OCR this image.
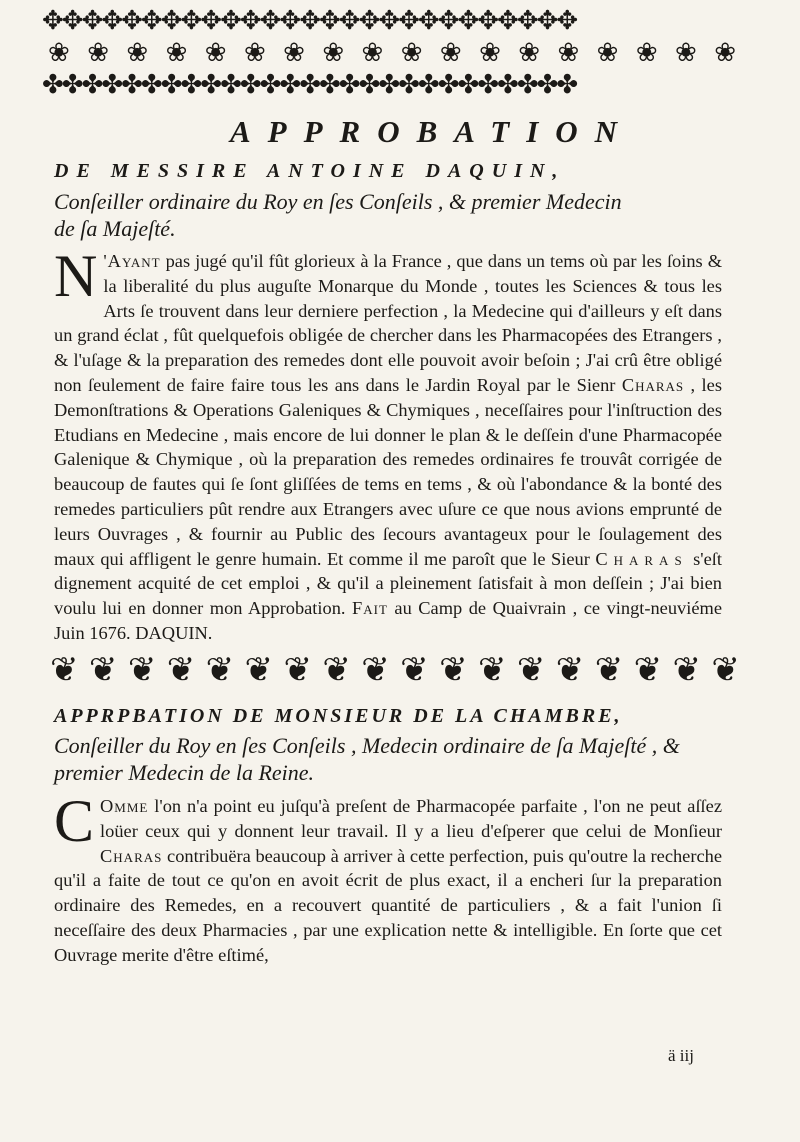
✥✥✥✥✥✥✥✥✥✥✥✥✥✥✥✥✥✥✥✥✥✥✥✥✥✥✥
❀ ❀ ❀ ❀ ❀ ❀ ❀ ❀ ❀ ❀ ❀ ❀ ❀ ❀ ❀ ❀ ❀ ❀
✤✤✤✤✤✤✤✤✤✤✤✤✤✤✤✤✤✤✤✤✤✤✤✤✤✤✤
APPROBATION
DE MESSIRE ANTOINE DAQUIN,
Conſeiller ordinaire du Roy en ſes Conſeils , & premier Medecin
de ſa Majeſté.
N 'Ayant pas jugé qu'il fût glorieux à la France , que dans un tems où par les ſoins & la liberalité du plus auguſte Monarque du Monde , toutes les Sciences & tous les Arts ſe trouvent dans leur derniere perfection , la Medecine qui d'ailleurs y eſt dans un grand éclat , fût quelquefois obligée de chercher dans les Pharmacopées des Etrangers , & l'uſage & la preparation des remedes dont elle pouvoit avoir beſoin ; J'ai crû être obligé non ſeulement de faire faire tous les ans dans le Jardin Royal par le Sienr Charas , les Demonſtrations & Operations Galeniques & Chymiques , neceſſaires pour l'inſtruction des Etudians en Medecine , mais encore de lui donner le plan & le deſſein d'une Pharmacopée Galenique & Chymique , où la preparation des remedes ordinaires fe trouvât corrigée de beaucoup de fautes qui ſe ſont gliſſées de tems en tems , & où l'abondance & la bonté des remedes particuliers pût rendre aux Etrangers avec uſure ce que nous avions emprunté de leurs Ouvrages , & fournir au Public des ſecours avantageux pour le ſoulagement des maux qui affligent le genre humain. Et comme il me paroît que le Sieur Charas s'eſt dignement acquité de cet emploi , & qu'il a pleinement ſatisfait à mon deſſein ; J'ai bien voulu lui en donner mon Approbation. Fait au Camp de Quaivrain , ce vingt-neuviéme Juin 1676. DAQUIN.
❦ ❦ ❦ ❦ ❦ ❦ ❦ ❦ ❦ ❦ ❦ ❦ ❦ ❦ ❦ ❦ ❦ ❦
APPRPBATION DE MONSIEUR DE LA CHAMBRE,
Conſeiller du Roy en ſes Conſeils , Medecin ordinaire de ſa Majeſté , &
premier Medecin de la Reine.
C Omme l'on n'a point eu juſqu'à preſent de Pharmacopée parfaite , l'on ne peut aſſez loüer ceux qui y donnent leur travail. Il y a lieu d'eſperer que celui de Monſieur Charas contribuëra beaucoup à arriver à cette perfection, puis qu'outre la recherche qu'il a faite de tout ce qu'on en avoit écrit de plus exact, il a encheri ſur la preparation ordinaire des Remedes, en a recouvert quantité de particuliers , & a fait l'union ſi neceſſaire des deux Pharmacies , par une explication nette & intelligible. En ſorte que cet Ouvrage merite d'être eſtimé,
ä iij
